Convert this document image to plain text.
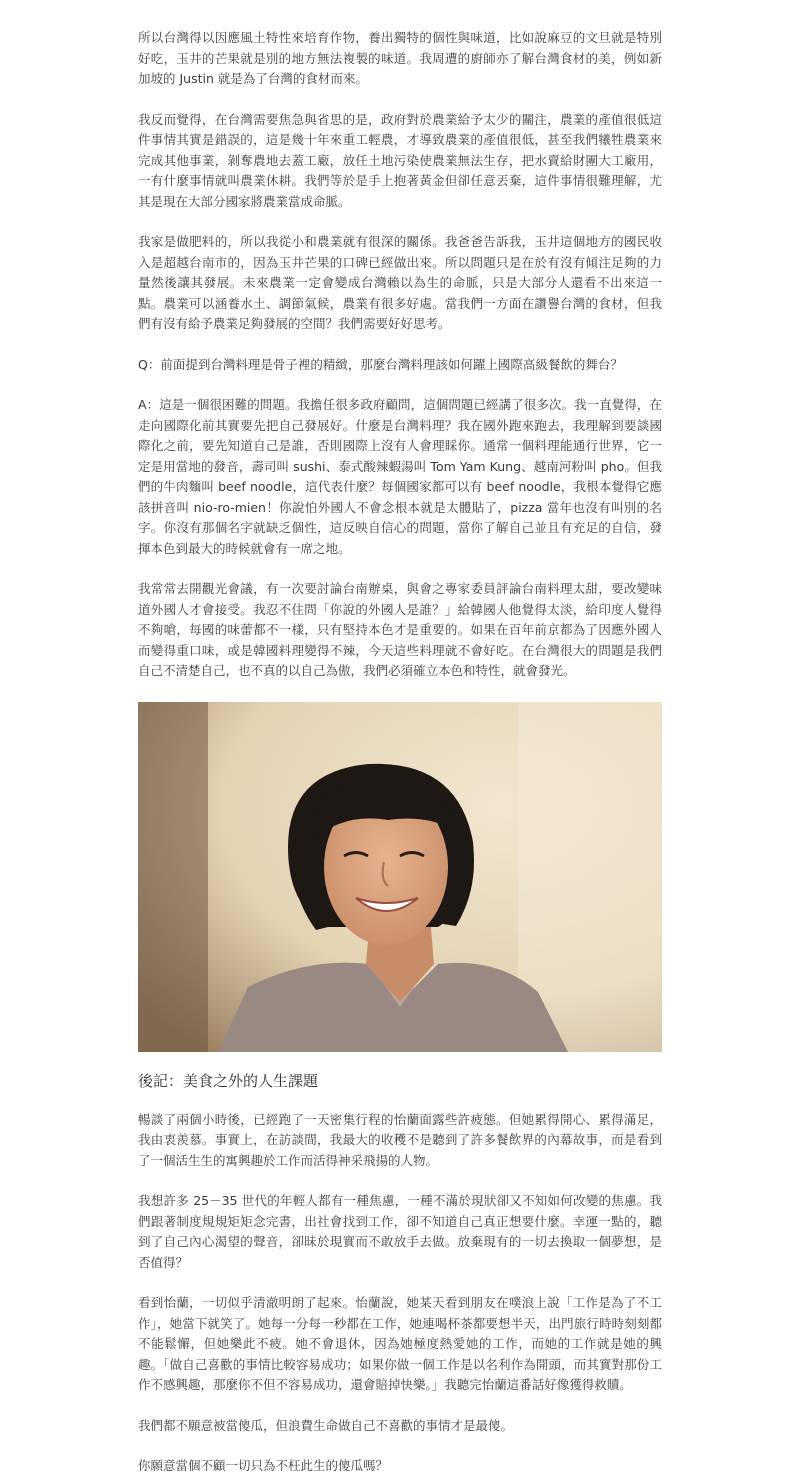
所以台灣得以因應風土特性來培育作物，養出獨特的個性與味道，比如說麻豆的文旦就是特別好吃，玉井的芒果就是別的地方無法複製的味道。我周遭的廚師亦了解台灣食材的美，例如新加坡的 Justin 就是為了台灣的食材而來。

我反而覺得，在台灣需要焦急與省思的是，政府對於農業給予太少的關注，農業的產值很低這件事情其實是錯誤的，這是幾十年來重工輕農，才導致農業的產值很低，甚至我們犧牲農業來完成其他事業，剝奪農地去蓋工廠，放任土地污染使農業無法生存，把水賣給財團大工廠用，一有什麼事情就叫農業休耕。我們等於是手上抱著黃金但卻任意丟棄，這件事情很難理解，尤其是現在大部分國家將農業當成命脈。

我家是做肥料的，所以我從小和農業就有很深的關係。我爸爸告訴我，玉井這個地方的國民收入是超越台南市的，因為玉井芒果的口碑已經做出來。所以問題只是在於有沒有傾注足夠的力量然後讓其發展。未來農業一定會變成台灣賴以為生的命脈，只是大部分人還看不出來這一點。農業可以涵養水土、調節氣候，農業有很多好處。當我們一方面在讚譽台灣的食材，但我們有沒有給予農業足夠發展的空間？我們需要好好思考。

Q：前面提到台灣料理是骨子裡的精緻，那麼台灣料理該如何躍上國際高級餐飲的舞台？

A：這是一個很困難的問題。我擔任很多政府顧問，這個問題已經講了很多次。我一直覺得，在走向國際化前其實要先把自己發展好。什麼是台灣料理？我在國外跑來跑去，我理解到要談國際化之前，要先知道自己是誰，否則國際上沒有人會理睬你。通常一個料理能通行世界，它一定是用當地的發音，壽司叫 sushi、泰式酸辣蝦湯叫 Tom Yam Kung、越南河粉叫 pho。但我們的牛肉麵叫 beef noodle，這代表什麼？每個國家都可以有 beef noodle，我根本覺得它應該拼音叫 nio-ro-mien！你說怕外國人不會念根本就是太體貼了，pizza 當年也沒有叫別的名字。你沒有那個名字就缺乏個性，這反映自信心的問題，當你了解自己並且有充足的自信，發揮本色到最大的時候就會有一席之地。

我常常去開觀光會議，有一次要討論台南辦桌，與會之專家委員評論台南料理太甜，要改變味道外國人才會接受。我忍不住問「你說的外國人是誰？」給韓國人他覺得太淡，給印度人覺得不夠嗆，每國的味蕾都不一樣，只有堅持本色才是重要的。如果在百年前京都為了因應外國人而變得重口味，或是韓國料理變得不辣，今天這些料理就不會好吃。在台灣很大的問題是我們自己不清楚自己，也不真的以自己為傲，我們必須確立本色和特性，就會發光。

後記：美食之外的人生課題

暢談了兩個小時後，已經跑了一天密集行程的怡蘭面露些許疲態。但她累得開心、累得滿足，我由衷羨慕。事實上，在訪談間，我最大的收穫不是聽到了許多餐飲界的內幕故事，而是看到了一個活生生的寓興趣於工作而活得神采飛揚的人物。

我想許多 25－35 世代的年輕人都有一種焦慮，一種不滿於現狀卻又不知如何改變的焦慮。我們跟著制度規規矩矩念完書，出社會找到工作，卻不知道自己真正想要什麼。幸運一點的，聽到了自己內心渴望的聲音，卻昧於現實而不敢放手去做。放棄現有的一切去換取一個夢想，是否值得？

看到怡蘭，一切似乎清澈明朗了起來。怡蘭說，她某天看到朋友在噗浪上說「工作是為了不工作」，她當下就笑了。她每一分每一秒都在工作，她連喝杯茶都要想半天，出門旅行時時刻刻都不能鬆懈，但她樂此不疲。她不會退休，因為她極度熱愛她的工作，而她的工作就是她的興趣。「做自己喜歡的事情比較容易成功；如果你做一個工作是以名利作為開頭，而其實對那份工作不感興趣，那麼你不但不容易成功，還會賠掉快樂。」我聽完怡蘭這番話好像獲得救贖。

我們都不願意被當傻瓜，但浪費生命做自己不喜歡的事情才是最傻。

你願意當個不顧一切只為不枉此生的傻瓜嗎？
